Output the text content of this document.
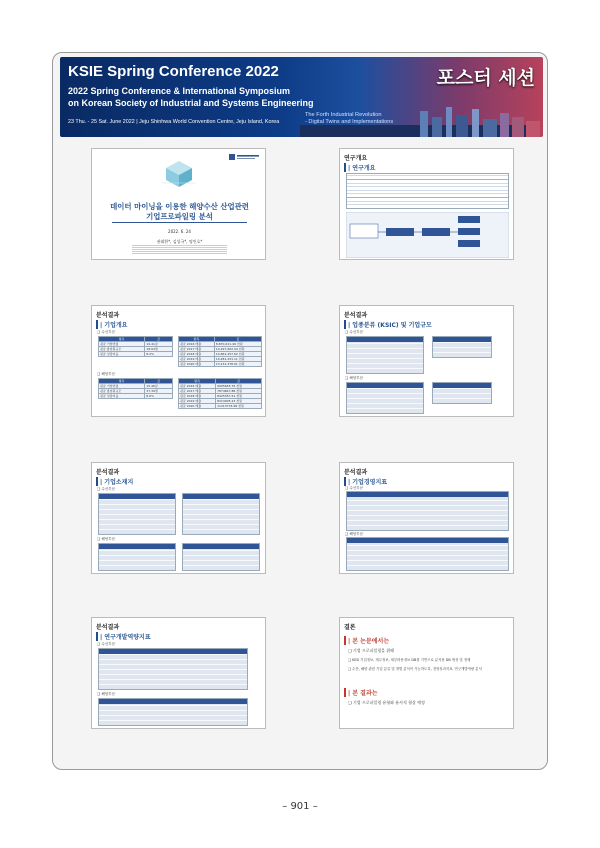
KSIE Spring Conference 2022
2022 Spring Conference & International Symposium
on Korean Society of Industrial and Systems Engineering
23 Thu. - 25 Sat. June 2022 | Jeju Shinhwa World Convention Centre, Jeju Island, Korea
The Forth Industrial Revolution
- Digital Twins and Implementations
포스터 세션
데이터 마이닝을 이용한 해양수산 산업관련
기업프로파일링 분석
2022. 6. 24
권태환*, 김성국*, 명인호*
연구개요
| 연구개요
분석결과
| 기업개요
❑ 수산부문
항목	값
평균 기업연령	19.41살
평균 종업원규모	18.64명
평균 성장비율	8.2%
항목	값
평균 2016 매출	8,870,021.49 천원
평균 2017 매출	10,297,602.94 천원
평균 2018 매출	10,661,257.62 천원
평균 2019 매출	10,281,251.11 천원
평균 2020 매출	13,131,378.01 천원
❑ 해양부문
항목	값
평균 기업연령	15.46살
평균 종업원규모	37.39명
평균 성장비율	8.6%
항목	값
평균 2016 매출	9905645.76 천원
평균 2017 매출	7874847.88 천원
평균 2018 매출	8425357.51 천원
평균 2019 매출	8313905.23 천원
평균 2020 매출	11213733.98 천원
분석결과
| 업종분류 (KSIC) 및 기업규모
❑ 수산부문
❑ 해양부문
분석결과
| 기업소재지
❑ 수산부문
❑ 해양부문
분석결과
| 기업경영지표
❑ 수산부문
❑ 해양부문
분석결과
| 연구개발역량지표
❑ 수산부문
❑ 해양부문
결론
| 본 논문에서는
❑ 기업 프로파일링을 위해
❑ KED 기업정보, 재무정보, 세부비용정보 DB를 기반으로 분석용 DB 생성 및 정제
❑ 수산, 해양 관련 기업 분류 및 개별 분석이 가능하도록, 경영성과지표, 연구개발역량 분석
| 본 결과는
❑ 기업 프로파일링 유형와 유사적 협상 예정
– 901 –
